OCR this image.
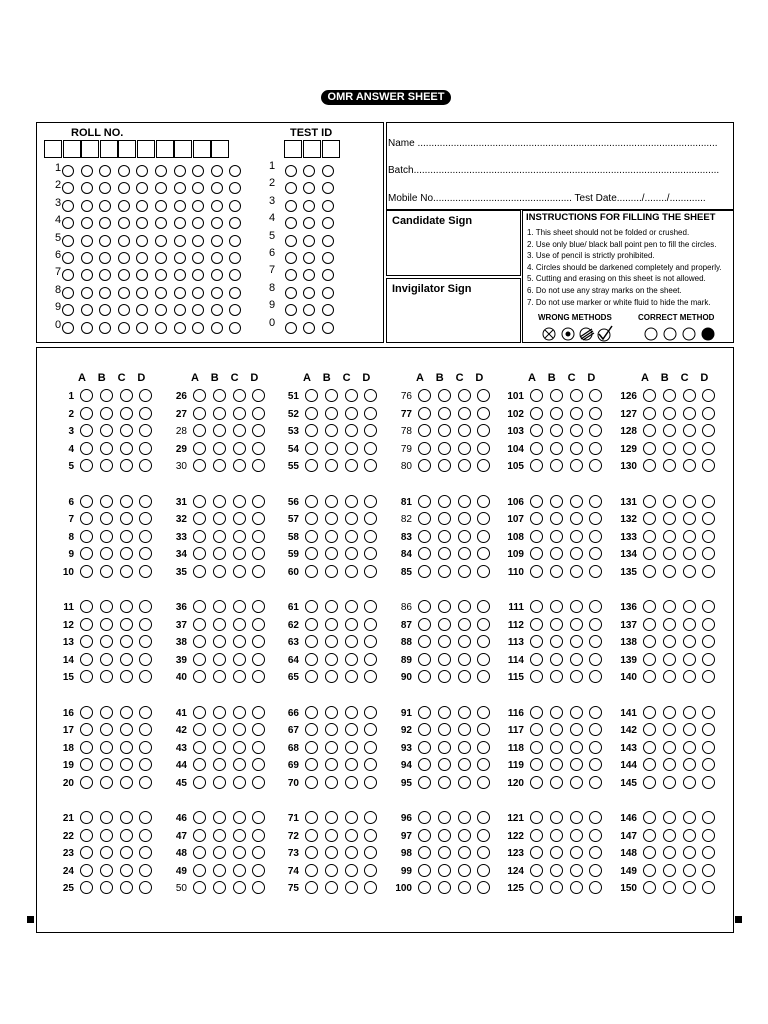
OMR ANSWER SHEET
ROLL NO.	TEST ID
1	1
2	2
3	3
4	4
5	5
6	6
7	7
8	8
9	9
0	0
Name ............................................................................................................
Batch..............................................................................................................
Mobile No.................................................. Test Date........./......../.............
Candidate Sign
Invigilator Sign
INSTRUCTIONS FOR FILLING THE SHEET
1. This sheet should not be folded or crushed.
2. Use only blue/ black ball point pen to fill the circles.
3. Use of pencil is strictly prohibited.
4. Circles should be darkened completely and properly.
5. Cutting and erasing on this sheet is not allowed.
6. Do not use any stray marks on the sheet.
7. Do not use marker or white fluid to hide the mark.
WRONG METHODS	CORRECT METHOD
A B C D
1
2
3
4
5
6
7
8
9
10
11
12
13
14
15
16
17
18
19
20
21
22
23
24
25
A B C D
26
27
28
29
30
31
32
33
34
35
36
37
38
39
40
41
42
43
44
45
46
47
48
49
50
A B C D
51
52
53
54
55
56
57
58
59
60
61
62
63
64
65
66
67
68
69
70
71
72
73
74
75
A B C D
76
77
78
79
80
81
82
83
84
85
86
87
88
89
90
91
92
93
94
95
96
97
98
99
100
A B C D
101
102
103
104
105
106
107
108
109
110
111
112
113
114
115
116
117
118
119
120
121
122
123
124
125
A B C D
126
127
128
129
130
131
132
133
134
135
136
137
138
139
140
141
142
143
144
145
146
147
148
149
150
